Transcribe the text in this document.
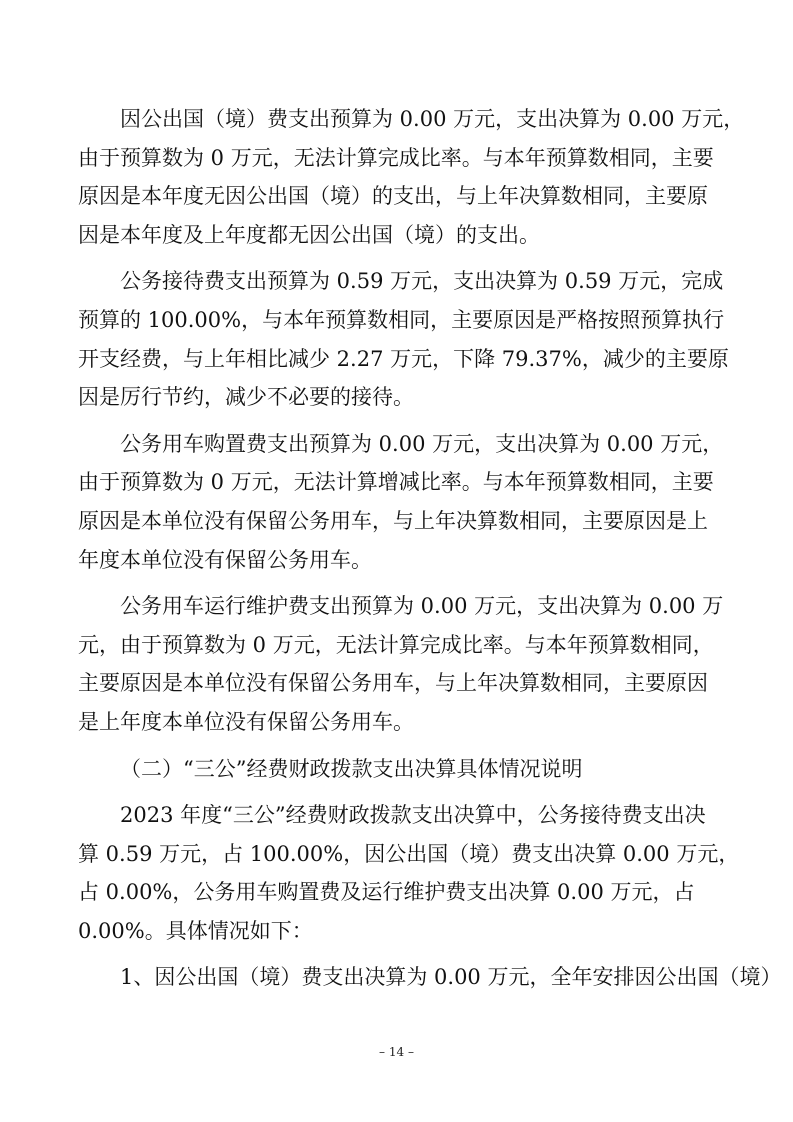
因公出国（境）费支出预算为 0.00 万元，支出决算为 0.00 万元，
由于预算数为 0 万元，无法计算完成比率。与本年预算数相同，主要
原因是本年度无因公出国（境）的支出，与上年决算数相同，主要原
因是本年度及上年度都无因公出国（境）的支出。

公务接待费支出预算为 0.59 万元，支出决算为 0.59 万元，完成
预算的 100.00%，与本年预算数相同，主要原因是严格按照预算执行
开支经费，与上年相比减少 2.27 万元，下降 79.37%，减少的主要原
因是厉行节约，减少不必要的接待。

公务用车购置费支出预算为 0.00 万元，支出决算为 0.00 万元，
由于预算数为 0 万元，无法计算增减比率。与本年预算数相同，主要
原因是本单位没有保留公务用车，与上年决算数相同，主要原因是上
年度本单位没有保留公务用车。

公务用车运行维护费支出预算为 0.00 万元，支出决算为 0.00 万
元，由于预算数为 0 万元，无法计算完成比率。与本年预算数相同，
主要原因是本单位没有保留公务用车，与上年决算数相同，主要原因
是上年度本单位没有保留公务用车。

（二）“三公”经费财政拨款支出决算具体情况说明

2023 年度“三公”经费财政拨款支出决算中，公务接待费支出决
算 0.59 万元，占 100.00%，因公出国（境）费支出决算 0.00 万元，
占 0.00%，公务用车购置费及运行维护费支出决算 0.00 万元，占
0.00%。具体情况如下：

1、因公出国（境）费支出决算为 0.00 万元，全年安排因公出国（境）

– 14 –
